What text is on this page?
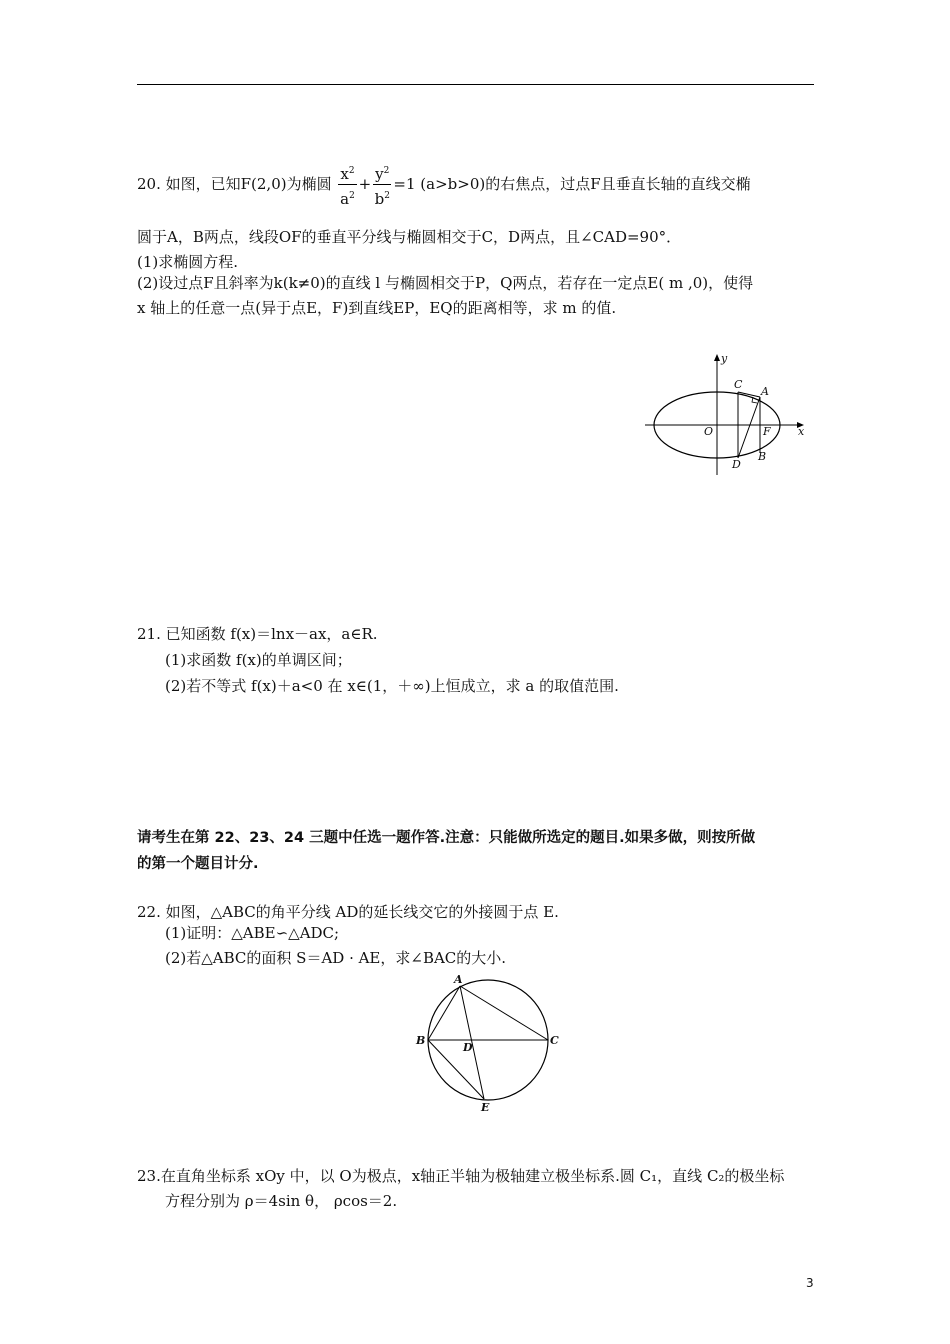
20. 如图，已知F(2,0)为椭圆 $\frac{x^2}{a^2} + \frac{y^2}{b^2} =1$ (a>b>0)的右焦点，过点F且垂直长轴的直线交椭
圆于A，B两点，线段OF的垂直平分线与椭圆相交于C，D两点，且∠CAD=90°．
(1)求椭圆方程.
(2)设过点F且斜率为k(k≠0)的直线 l 与椭圆相交于P，Q两点，若存在一定点E( m ,0)，使得
x 轴上的任意一点(异于点E，F)到直线EP，EQ的距离相等，求 m 的值.
y
x
O
C
A
F
D
B
21. 已知函数 f(x)＝lnx－ax，a∈R.
(1)求函数 f(x)的单调区间；
(2)若不等式 f(x)＋a<0 在 x∈(1，＋∞)上恒成立，求 a 的取值范围.
请考生在第 22、23、24 三题中任选一题作答.注意：只能做所选定的题目.如果多做，则按所做
的第一个题目计分.
22. 如图，△ABC的角平分线 AD的延长线交它的外接圆于点 E.
(1)证明：△ABE∽△ADC;
(2)若△ABC的面积 S＝AD · AE，求∠BAC的大小.
A
B	C
D
E
23.在直角坐标系 xOy 中，以 O为极点，x轴正半轴为极轴建立极坐标系.圆 C₁，直线 C₂的极坐标
方程分别为 ρ＝4sin θ， ρcos＝2.
3
